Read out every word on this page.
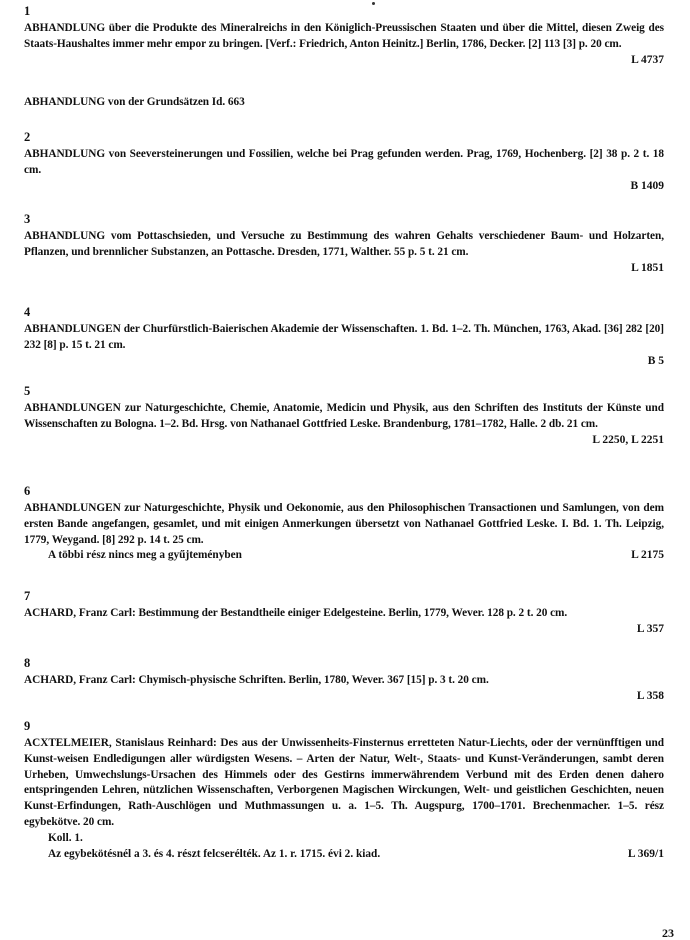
1
ABHANDLUNG über die Produkte des Mineralreichs in den Königlich-Preussischen Staaten und über die Mittel, diesen Zweig des Staats-Haushaltes immer mehr empor zu bringen. [Verf.: Friedrich, Anton Heinitz.] Berlin, 1786, Decker. [2] 113 [3] p. 20 cm.
L 4737
ABHANDLUNG von der Grundsätzen Id. 663
2
ABHANDLUNG von Seeversteinerungen und Fossilien, welche bei Prag gefunden werden. Prag, 1769, Hochenberg. [2] 38 p. 2 t. 18 cm.
B 1409
3
ABHANDLUNG vom Pottaschsieden, und Versuche zu Bestimmung des wahren Gehalts verschiedener Baum- und Holzarten, Pflanzen, und brennlicher Substanzen, an Pottasche. Dresden, 1771, Walther. 55 p. 5 t. 21 cm.
L 1851
4
ABHANDLUNGEN der Churfürstlich-Baierischen Akademie der Wissenschaften. 1. Bd. 1–2. Th. München, 1763, Akad. [36] 282 [20] 232 [8] p. 15 t. 21 cm.
B 5
5
ABHANDLUNGEN zur Naturgeschichte, Chemie, Anatomie, Medicin und Physik, aus den Schriften des Instituts der Künste und Wissenschaften zu Bologna. 1–2. Bd. Hrsg. von Nathanael Gottfried Leske. Brandenburg, 1781–1782, Halle. 2 db. 21 cm.
L 2250, L 2251
6
ABHANDLUNGEN zur Naturgeschichte, Physik und Oekonomie, aus den Philosophischen Transactionen und Samlungen, von dem ersten Bande angefangen, gesamlet, und mit einigen Anmerkungen übersetzt von Nathanael Gottfried Leske. I. Bd. 1. Th. Leipzig, 1779, Weygand. [8] 292 p. 14 t. 25 cm.
A többi rész nincs meg a gyűjteményben	L 2175
7
ACHARD, Franz Carl: Bestimmung der Bestandtheile einiger Edelgesteine. Berlin, 1779, Wever. 128 p. 2 t. 20 cm.
L 357
8
ACHARD, Franz Carl: Chymisch-physische Schriften. Berlin, 1780, Wever. 367 [15] p. 3 t. 20 cm.
L 358
9
ACXTELMEIER, Stanislaus Reinhard: Des aus der Unwissenheits-Finsternus erretteten Natur-Liechts, oder der vernünfftigen und Kunst-weisen Endledigungen aller würdigsten Wesens. – Arten der Natur, Welt-, Staats- und Kunst-Veränderungen, sambt deren Urheben, Umwechslungs-Ursachen des Himmels oder des Gestirns immerwährendem Verbund mit des Erden denen dahero entspringenden Lehren, nützlichen Wissenschaften, Verborgenen Magischen Wirckungen, Welt- und geistlichen Geschichten, neuen Kunst-Erfindungen, Rath-Auschlögen und Muthmassungen u. a. 1–5. Th. Augspurg, 1700–1701. Brechenmacher. 1–5. rész egybekötve. 20 cm.
Koll. 1.
Az egybekötésnél a 3. és 4. részt felcserélték. Az 1. r. 1715. évi 2. kiad.	L 369/1
23
